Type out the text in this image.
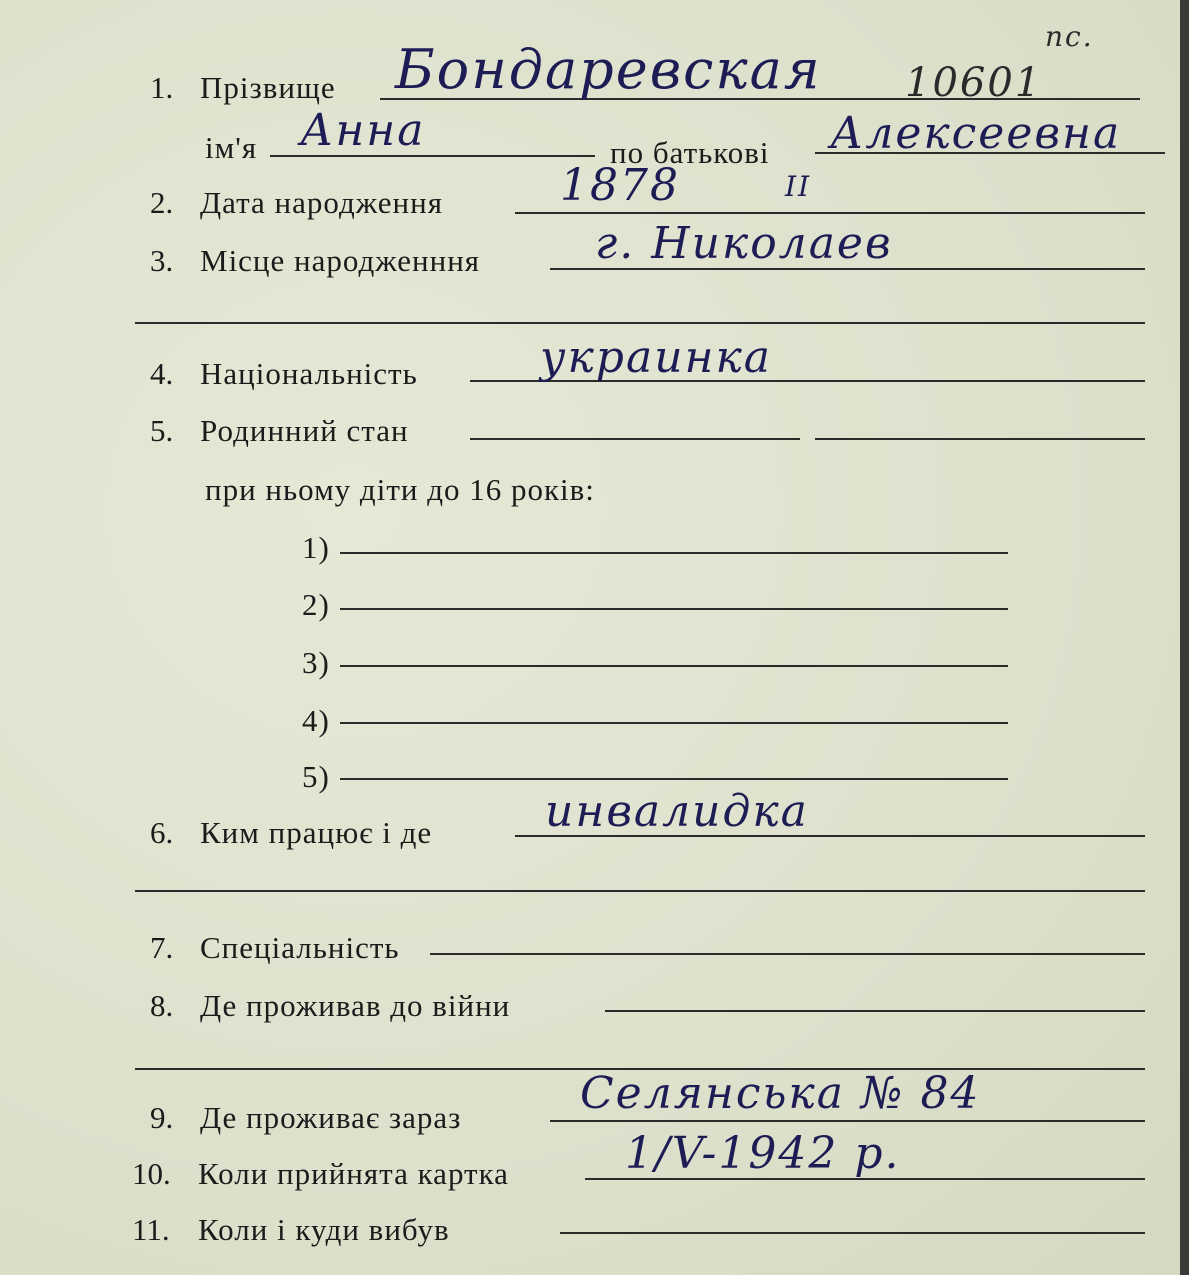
1. Прізвище Бондаревская 10601
пс.
ім'я Анна	по батькові Алексеевна
2. Дата народження	1878	II
3. Місце народженння	г. Николаев
4. Національність	украинка
5. Родинний стан
при ньому діти до 16 років:
1)
2)
3)
4)
5)
6. Ким працює і де	инвалидка
7. Спеціальність
8. Де проживав до війни
9. Де проживає зараз	Селянська № 84
10. Коли прийнята картка	1/V-1942 р.
11. Коли і куди вибув
